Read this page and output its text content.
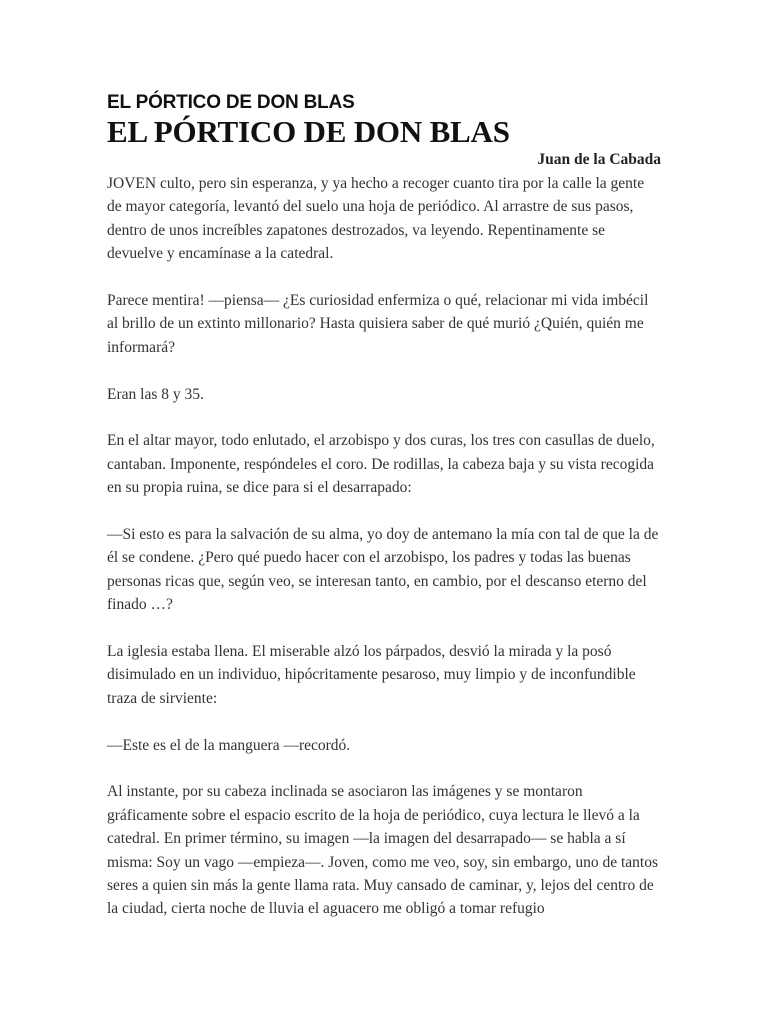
EL PÓRTICO DE DON BLAS
EL PÓRTICO DE DON BLAS
Juan de la Cabada

JOVEN culto, pero sin esperanza, y ya hecho a recoger cuanto tira por la calle la gente de mayor categoría, levantó del suelo una hoja de periódico. Al arrastre de sus pasos, dentro de unos increíbles zapatones destrozados, va leyendo. Repentinamente se devuelve y encamínase a la catedral.

Parece mentira! —piensa— ¿Es curiosidad enfermiza o qué, relacionar mi vida imbécil al brillo de un extinto millonario? Hasta quisiera saber de qué murió ¿Quién, quién me informará?

Eran las 8 y 35.

En el altar mayor, todo enlutado, el arzobispo y dos curas, los tres con casullas de duelo, cantaban. Imponente, respóndeles el coro. De rodillas, la cabeza baja y su vista recogida en su propia ruina, se dice para si el desarrapado:

—Si esto es para la salvación de su alma, yo doy de antemano la mía con tal de que la de él se condene. ¿Pero qué puedo hacer con el arzobispo, los padres y todas las buenas personas ricas que, según veo, se interesan tanto, en cambio, por el descanso eterno del finado …?

La iglesia estaba llena. El miserable alzó los párpados, desvió la mirada y la posó disimulado en un individuo, hipócritamente pesaroso, muy limpio y de inconfundible traza de sirviente:

—Este es el de la manguera —recordó.

Al instante, por su cabeza inclinada se asociaron las imágenes y se montaron gráficamente sobre el espacio escrito de la hoja de periódico, cuya lectura le llevó a la catedral. En primer término, su imagen —la imagen del desarrapado— se habla a sí misma: Soy un vago —empieza—. Joven, como me veo, soy, sin embargo, uno de tantos seres a quien sin más la gente llama rata. Muy cansado de caminar, y, lejos del centro de la ciudad, cierta noche de lluvia el aguacero me obligó a tomar refugio
